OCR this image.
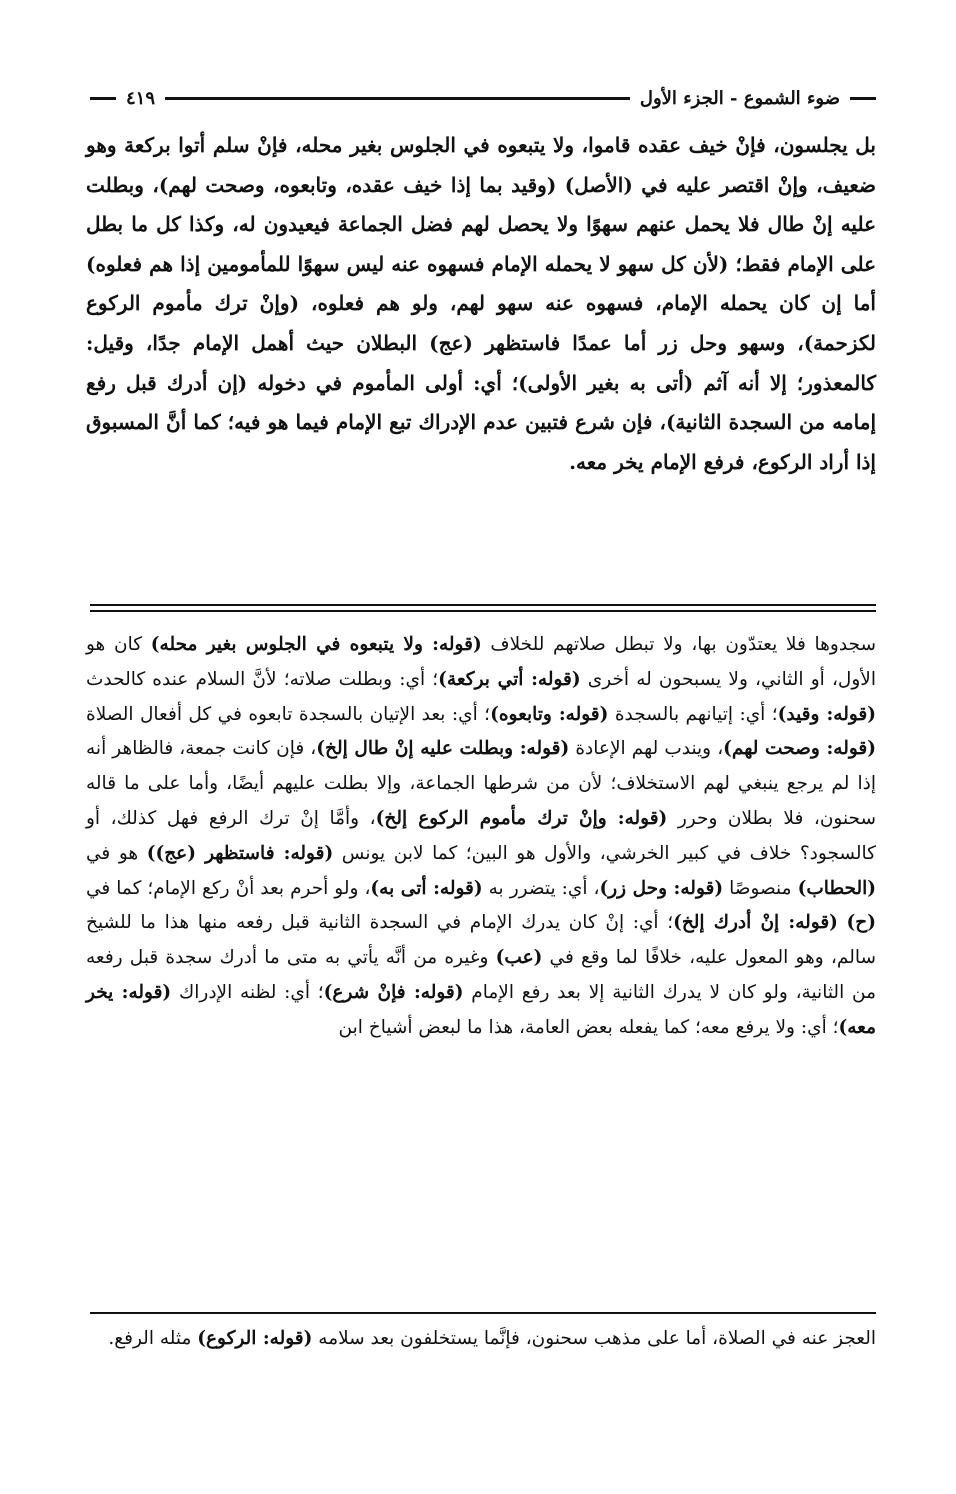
ضوء الشموع - الجزء الأول
٤١٩

بل يجلسون، فإنْ خيف عقده قاموا، ولا يتبعوه في الجلوس بغير محله، فإنْ سلم أتوا بركعة وهو ضعيف، وإنْ اقتصر عليه في (الأصل) (وقيد بما إذا خيف عقده، وتابعوه، وصحت لهم)، وبطلت عليه إنْ طال فلا يحمل عنهم سهوًا ولا يحصل لهم فضل الجماعة فيعيدون له، وكذا كل ما بطل على الإمام فقط؛ (لأن كل سهو لا يحمله الإمام فسهوه عنه ليس سهوًا للمأمومين إذا هم فعلوه) أما إن كان يحمله الإمام، فسهوه عنه سهو لهم، ولو هم فعلوه، (وإنْ ترك مأموم الركوع لكزحمة)، وسهو وحل زر أما عمدًا فاستظهر (عج) البطلان حيث أهمل الإمام جدًا، وقيل: كالمعذور؛ إلا أنه آثم (أتى به بغير الأولى)؛ أي: أولى المأموم في دخوله (إن أدرك قبل رفع إمامه من السجدة الثانية)، فإن شرع فتبين عدم الإدراك تبع الإمام فيما هو فيه؛ كما أنَّ المسبوق إذا أراد الركوع، فرفع الإمام يخر معه.

سجدوها فلا يعتدّون بها، ولا تبطل صلاتهم للخلاف (قوله: ولا يتبعوه في الجلوس بغير محله) كان هو الأول، أو الثاني، ولا يسبحون له أخرى (قوله: أتي بركعة)؛ أي: وبطلت صلاته؛ لأنَّ السلام عنده كالحدث (قوله: وقيد)؛ أي: إتيانهم بالسجدة (قوله: وتابعوه)؛ أي: بعد الإتيان بالسجدة تابعوه في كل أفعال الصلاة (قوله: وصحت لهم)، ويندب لهم الإعادة (قوله: وبطلت عليه إنْ طال إلخ)، فإن كانت جمعة، فالظاهر أنه إذا لم يرجع ينبغي لهم الاستخلاف؛ لأن من شرطها الجماعة، وإلا بطلت عليهم أيضًا، وأما على ما قاله سحنون، فلا بطلان وحرر (قوله: وإنْ ترك مأموم الركوع إلخ)، وأمَّا إنْ ترك الرفع فهل كذلك، أو كالسجود؟ خلاف في كبير الخرشي، والأول هو البين؛ كما لابن يونس (قوله: فاستظهر (عج)) هو في (الحطاب) منصوصًا (قوله: وحل زر)، أي: يتضرر به (قوله: أتى به)، ولو أحرم بعد أنْ ركع الإمام؛ كما في (ح) (قوله: إنْ أدرك إلخ)؛ أي: إنْ كان يدرك الإمام في السجدة الثانية قبل رفعه منها هذا ما للشيخ سالم، وهو المعول عليه، خلافًا لما وقع في (عب) وغيره من أنَّه يأتي به متى ما أدرك سجدة قبل رفعه من الثانية، ولو كان لا يدرك الثانية إلا بعد رفع الإمام (قوله: فإنْ شرع)؛ أي: لظنه الإدراك (قوله: يخر معه)؛ أي: ولا يرفع معه؛ كما يفعله بعض العامة، هذا ما لبعض أشياخ ابن

العجز عنه في الصلاة، أما على مذهب سحنون، فإنَّما يستخلفون بعد سلامه (قوله: الركوع) مثله الرفع.
